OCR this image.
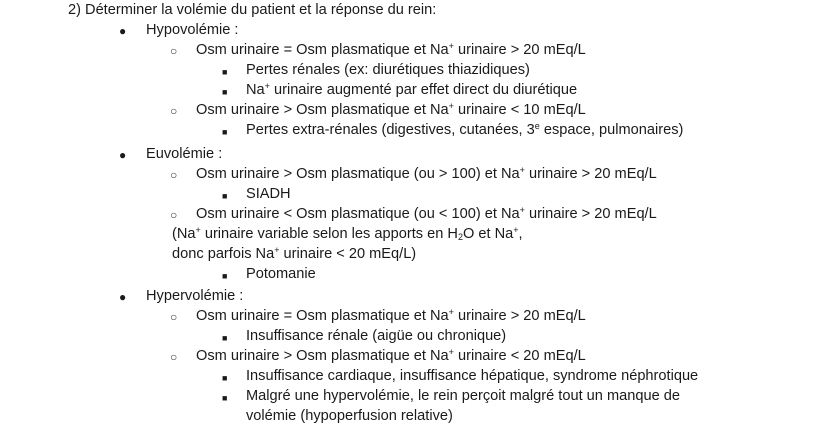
2) Déterminer la volémie du patient et la réponse du rein:
● Hypovolémie :
○ Osm urinaire = Osm plasmatique et Na+ urinaire > 20 mEq/L
■ Pertes rénales (ex: diurétiques thiazidiques)
■ Na+ urinaire augmenté par effet direct du diurétique
○ Osm urinaire > Osm plasmatique et Na+ urinaire < 10 mEq/L
■ Pertes extra-rénales (digestives, cutanées, 3e espace, pulmonaires)
● Euvolémie :
○ Osm urinaire > Osm plasmatique (ou > 100) et Na+ urinaire > 20 mEq/L
■ SIADH
○ Osm urinaire < Osm plasmatique (ou < 100) et Na+ urinaire > 20 mEq/L
(Na+ urinaire variable selon les apports en $H_2O$ et Na+,
donc parfois Na+ urinaire < 20 mEq/L)
■ Potomanie
● Hypervolémie :
○ Osm urinaire = Osm plasmatique et Na+ urinaire > 20 mEq/L
■ Insuffisance rénale (aigüe ou chronique)
○ Osm urinaire > Osm plasmatique et Na+ urinaire < 20 mEq/L
■ Insuffisance cardiaque, insuffisance hépatique, syndrome néphrotique
■ Malgré une hypervolémie, le rein perçoit malgré tout un manque de
volémie (hypoperfusion relative)
